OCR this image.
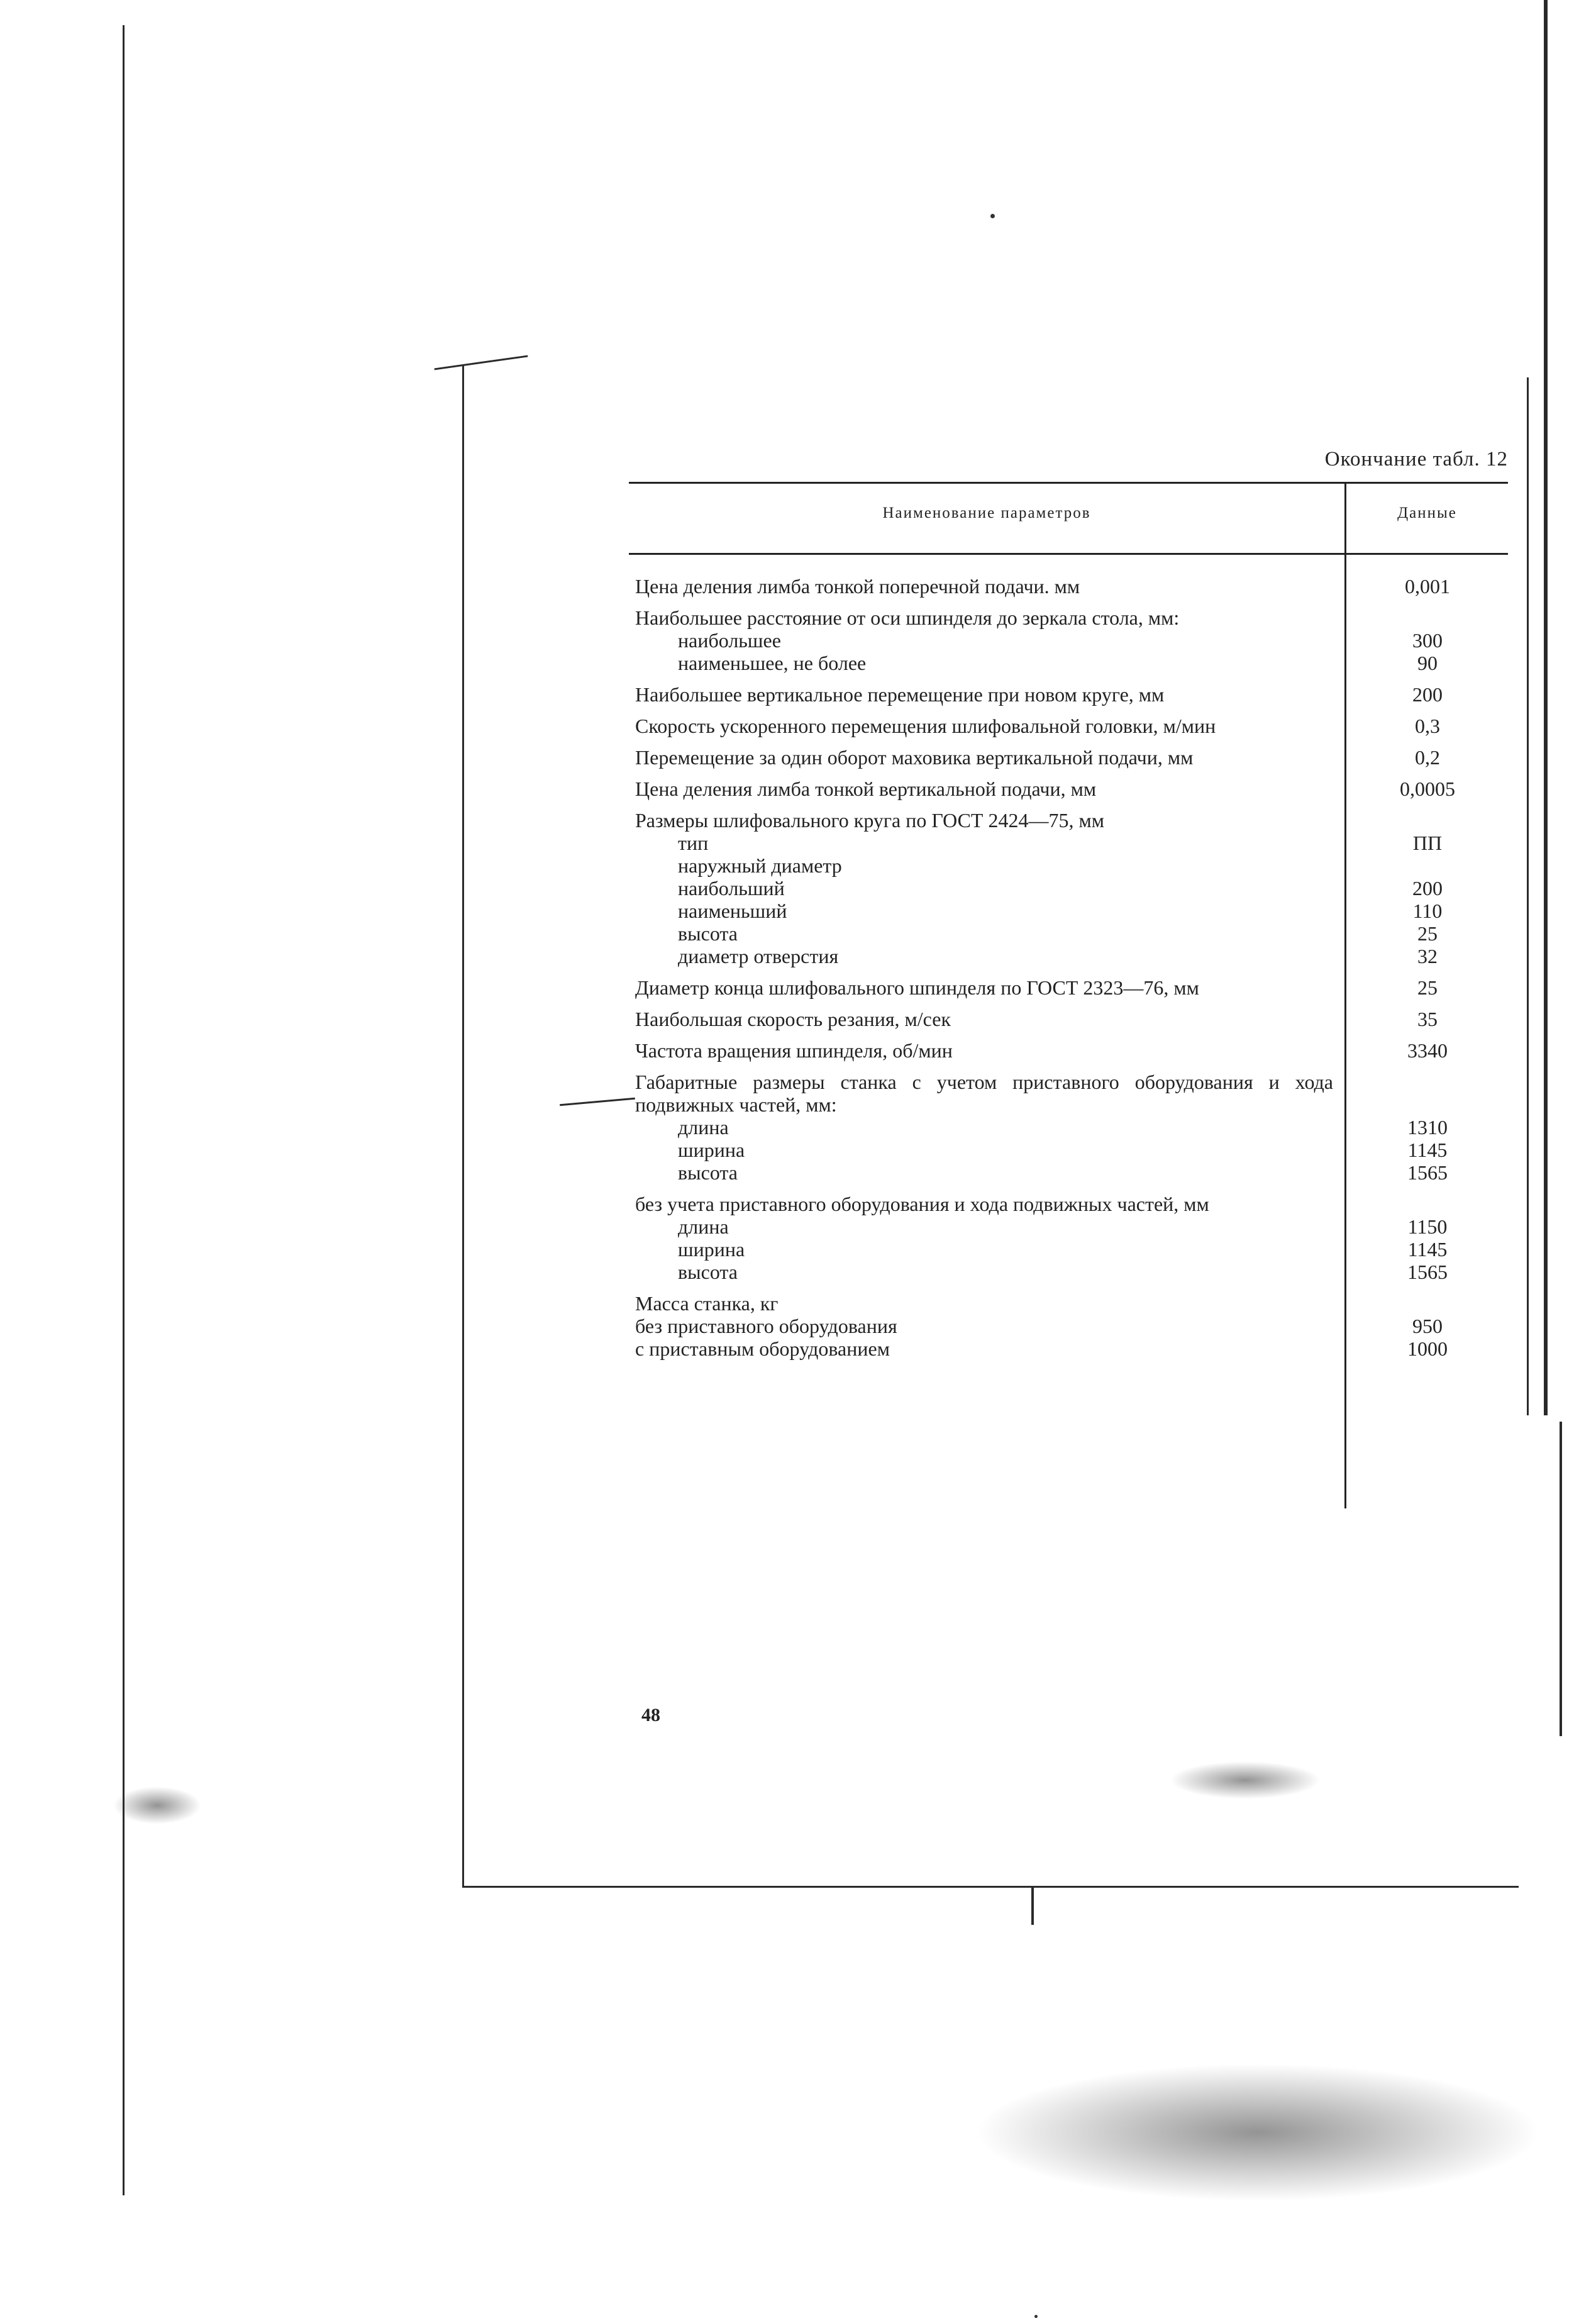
Окончание табл. 12
Наименование параметров	Данные
Цена деления лимба тонкой поперечной подачи. мм	0,001
Наибольшее расстояние от оси шпинделя до зеркала стола, мм:
наибольшее	300
наименьшее, не более	90
Наибольшее вертикальное перемещение при новом круге, мм	200
Скорость ускоренного перемещения шлифовальной головки, м/мин	0,3
Перемещение за один оборот маховика вертикальной подачи, мм	0,2
Цена деления лимба тонкой вертикальной подачи, мм	0,0005
Размеры шлифовального круга по ГОСТ 2424—75, мм
тип	ПП
наружный диаметр
наибольший	200
наименьший	110
высота	25
диаметр отверстия	32
Диаметр конца шлифовального шпинделя по ГОСТ 2323—76, мм	25
Наибольшая скорость резания, м/сек	35
Частота вращения шпинделя, об/мин	3340
Габаритные размеры станка с учетом приставного оборудования и хода подвижных частей, мм:
длина	1310
ширина	1145
высота	1565
без учета приставного оборудования и хода подвижных частей, мм
длина	1150
ширина	1145
высота	1565
Масса станка, кг
без приставного оборудования	950
с приставным оборудованием	1000
48
